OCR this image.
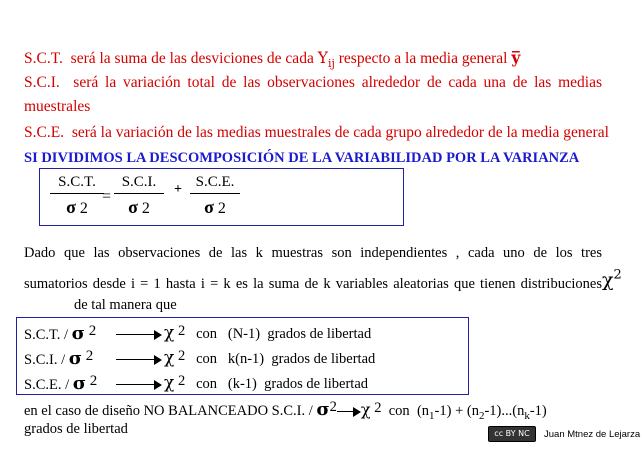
S.C.T. será la suma de las desviciones de cada $Y_{ij}$ respecto a la media general y̅
S.C.I. será la variación total de las observaciones alrededor de cada una de las medias
muestrales
S.C.E. será la variación de las medias muestrales de cada grupo alrededor de la media general
SI DIVIDIMOS LA DESCOMPOSICIÓN DE LA VARIABILIDAD POR LA VARIANZA
S.C.T.
σ 2
=
S.C.I.
σ 2
+ S.C.E.
σ 2
Dado que las observaciones de las k muestras son independientes , cada uno de los tres
sumatorios desde i = 1 hasta i = k es la suma de k variables aleatorias que tienen distribucionesχ$^2$
de tal manera que
S.C.T. / σ 2	χ 2 con (N-1) grados de libertad
S.C.I. / σ 2	χ 2 con k(n-1) grados de libertad
S.C.E. / σ 2	χ 2 con (k-1) grados de libertad
en el caso de diseño NO BALANCEADO S.C.I. / σ2 χ 2 con $(n_1-1) + (n_2-1)...(n_k-1)$
grados de libertad	cc BY NC ND Juan Mtnez de Lejarza
